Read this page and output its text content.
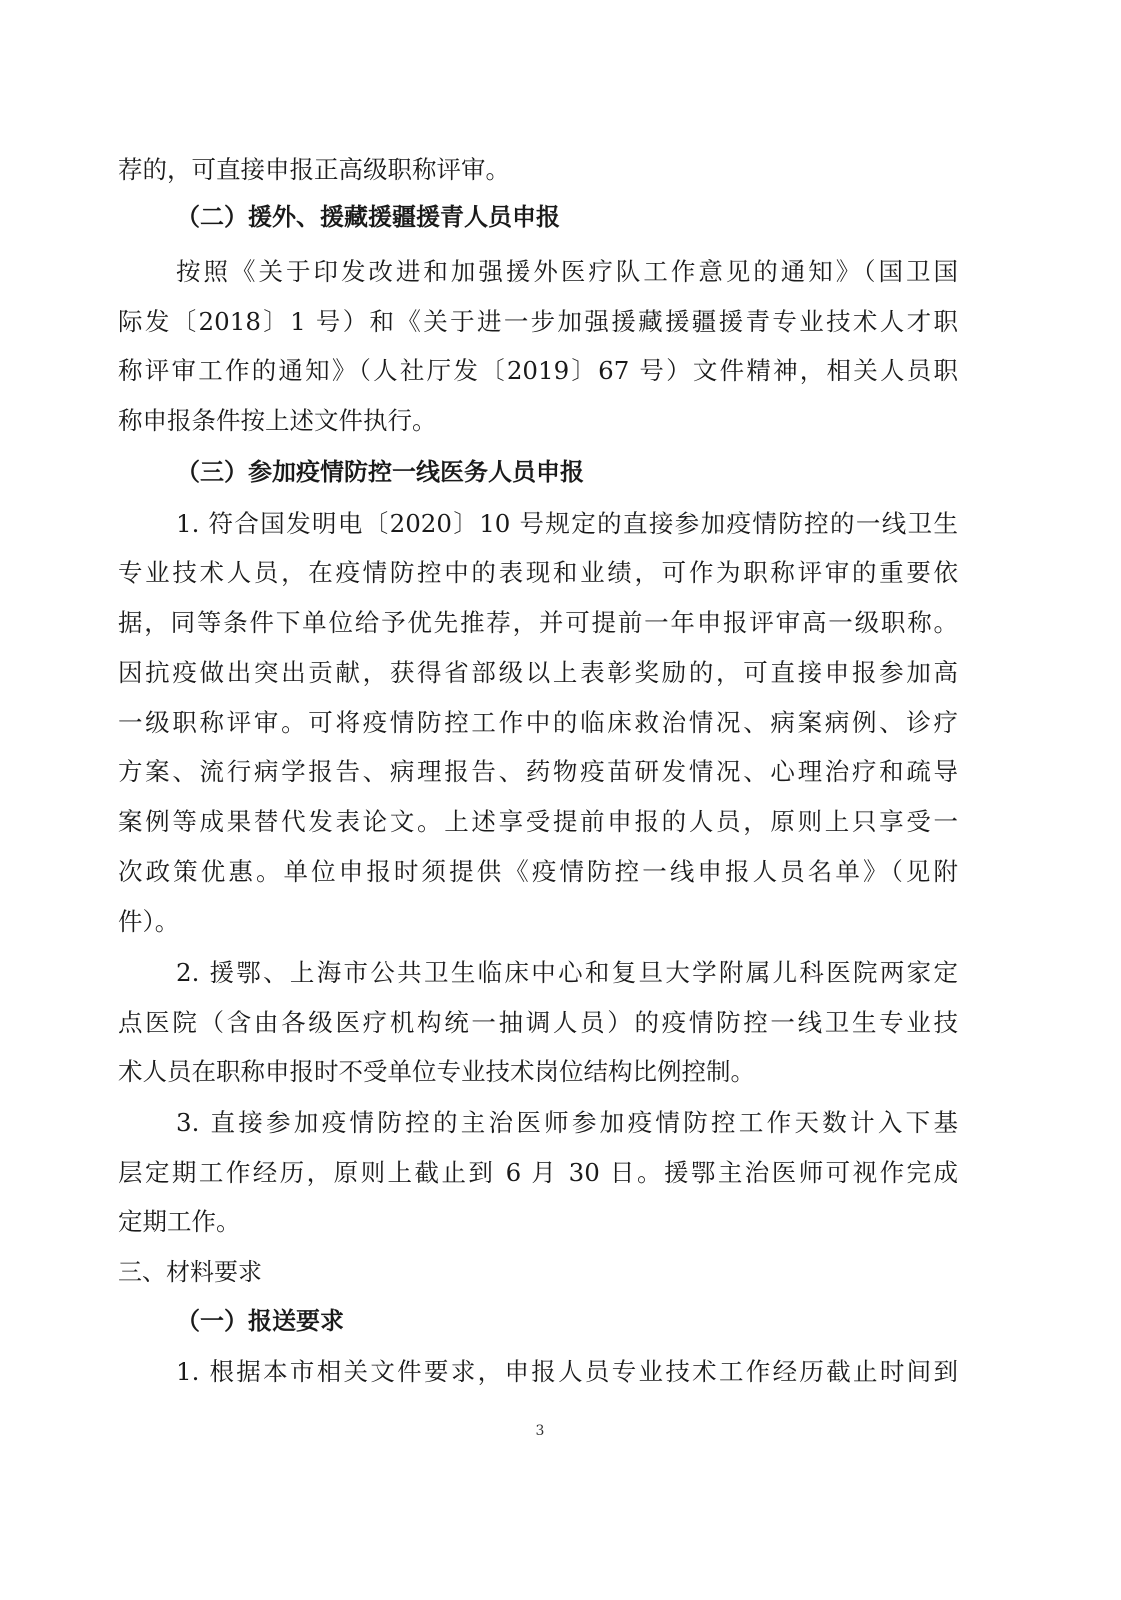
荐的，可直接申报正高级职称评审。
（二）援外、援藏援疆援青人员申报
按照《关于印发改进和加强援外医疗队工作意见的通知》（国卫国
际发〔2018〕1 号）和《关于进一步加强援藏援疆援青专业技术人才职
称评审工作的通知》（人社厅发〔2019〕67 号）文件精神，相关人员职
称申报条件按上述文件执行。
（三）参加疫情防控一线医务人员申报
1. 符合国发明电〔2020〕10 号规定的直接参加疫情防控的一线卫生
专业技术人员，在疫情防控中的表现和业绩，可作为职称评审的重要依
据，同等条件下单位给予优先推荐，并可提前一年申报评审高一级职称。
因抗疫做出突出贡献，获得省部级以上表彰奖励的，可直接申报参加高
一级职称评审。可将疫情防控工作中的临床救治情况、病案病例、诊疗
方案、流行病学报告、病理报告、药物疫苗研发情况、心理治疗和疏导
案例等成果替代发表论文。上述享受提前申报的人员，原则上只享受一
次政策优惠。单位申报时须提供《疫情防控一线申报人员名单》（见附
件）。
2. 援鄂、上海市公共卫生临床中心和复旦大学附属儿科医院两家定
点医院（含由各级医疗机构统一抽调人员）的疫情防控一线卫生专业技
术人员在职称申报时不受单位专业技术岗位结构比例控制。
3. 直接参加疫情防控的主治医师参加疫情防控工作天数计入下基
层定期工作经历，原则上截止到 6 月 30 日。援鄂主治医师可视作完成
定期工作。
三、材料要求
（一）报送要求
1. 根据本市相关文件要求，申报人员专业技术工作经历截止时间到
3
